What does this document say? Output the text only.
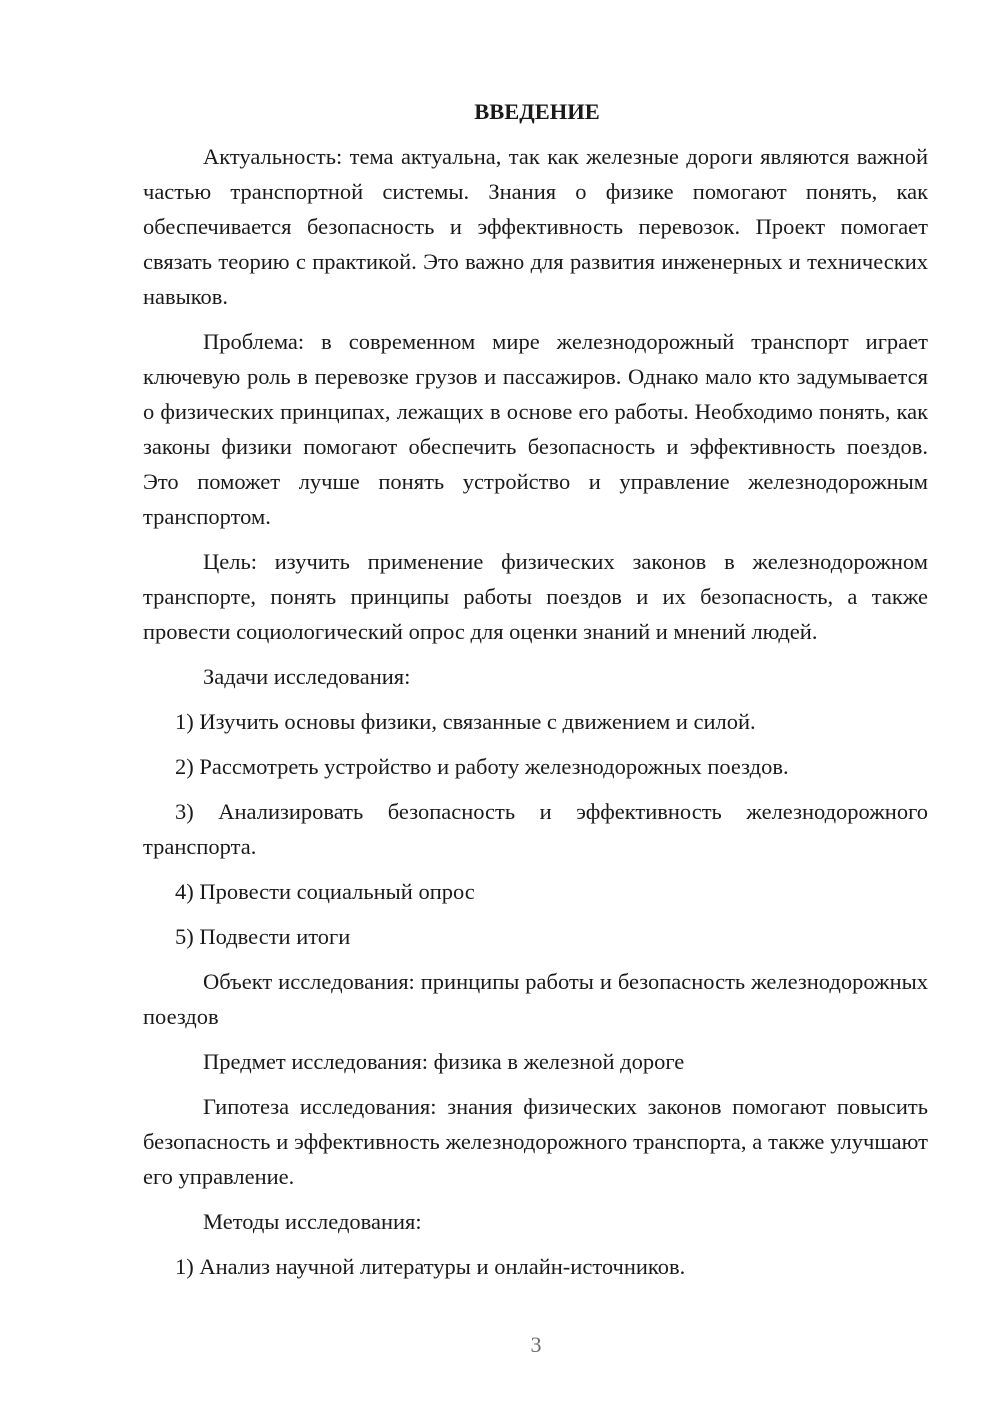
ВВЕДЕНИЕ

Актуальность: тема актуальна, так как железные дороги являются важной частью транспортной системы. Знания о физике помогают понять, как обеспечивается безопасность и эффективность перевозок. Проект помогает связать теорию с практикой. Это важно для развития инженерных и технических навыков.

Проблема: в современном мире железнодорожный транспорт играет ключевую роль в перевозке грузов и пассажиров. Однако мало кто задумывается о физических принципах, лежащих в основе его работы. Необходимо понять, как законы физики помогают обеспечить безопасность и эффективность поездов. Это поможет лучше понять устройство и управление железнодорожным транспортом.

Цель: изучить применение физических законов в железнодорожном транспорте, понять принципы работы поездов и их безопасность, а также провести социологический опрос для оценки знаний и мнений людей.

Задачи исследования:

1) Изучить основы физики, связанные с движением и силой.

2) Рассмотреть устройство и работу железнодорожных поездов.

3) Анализировать безопасность и эффективность железнодорожного транспорта.

4) Провести социальный опрос

5) Подвести итоги

Объект исследования: принципы работы и безопасность железнодорожных поездов

Предмет исследования: физика в железной дороге

Гипотеза исследования: знания физических законов помогают повысить безопасность и эффективность железнодорожного транспорта, а также улучшают его управление.

Методы исследования:

1) Анализ научной литературы и онлайн-источников.

3
